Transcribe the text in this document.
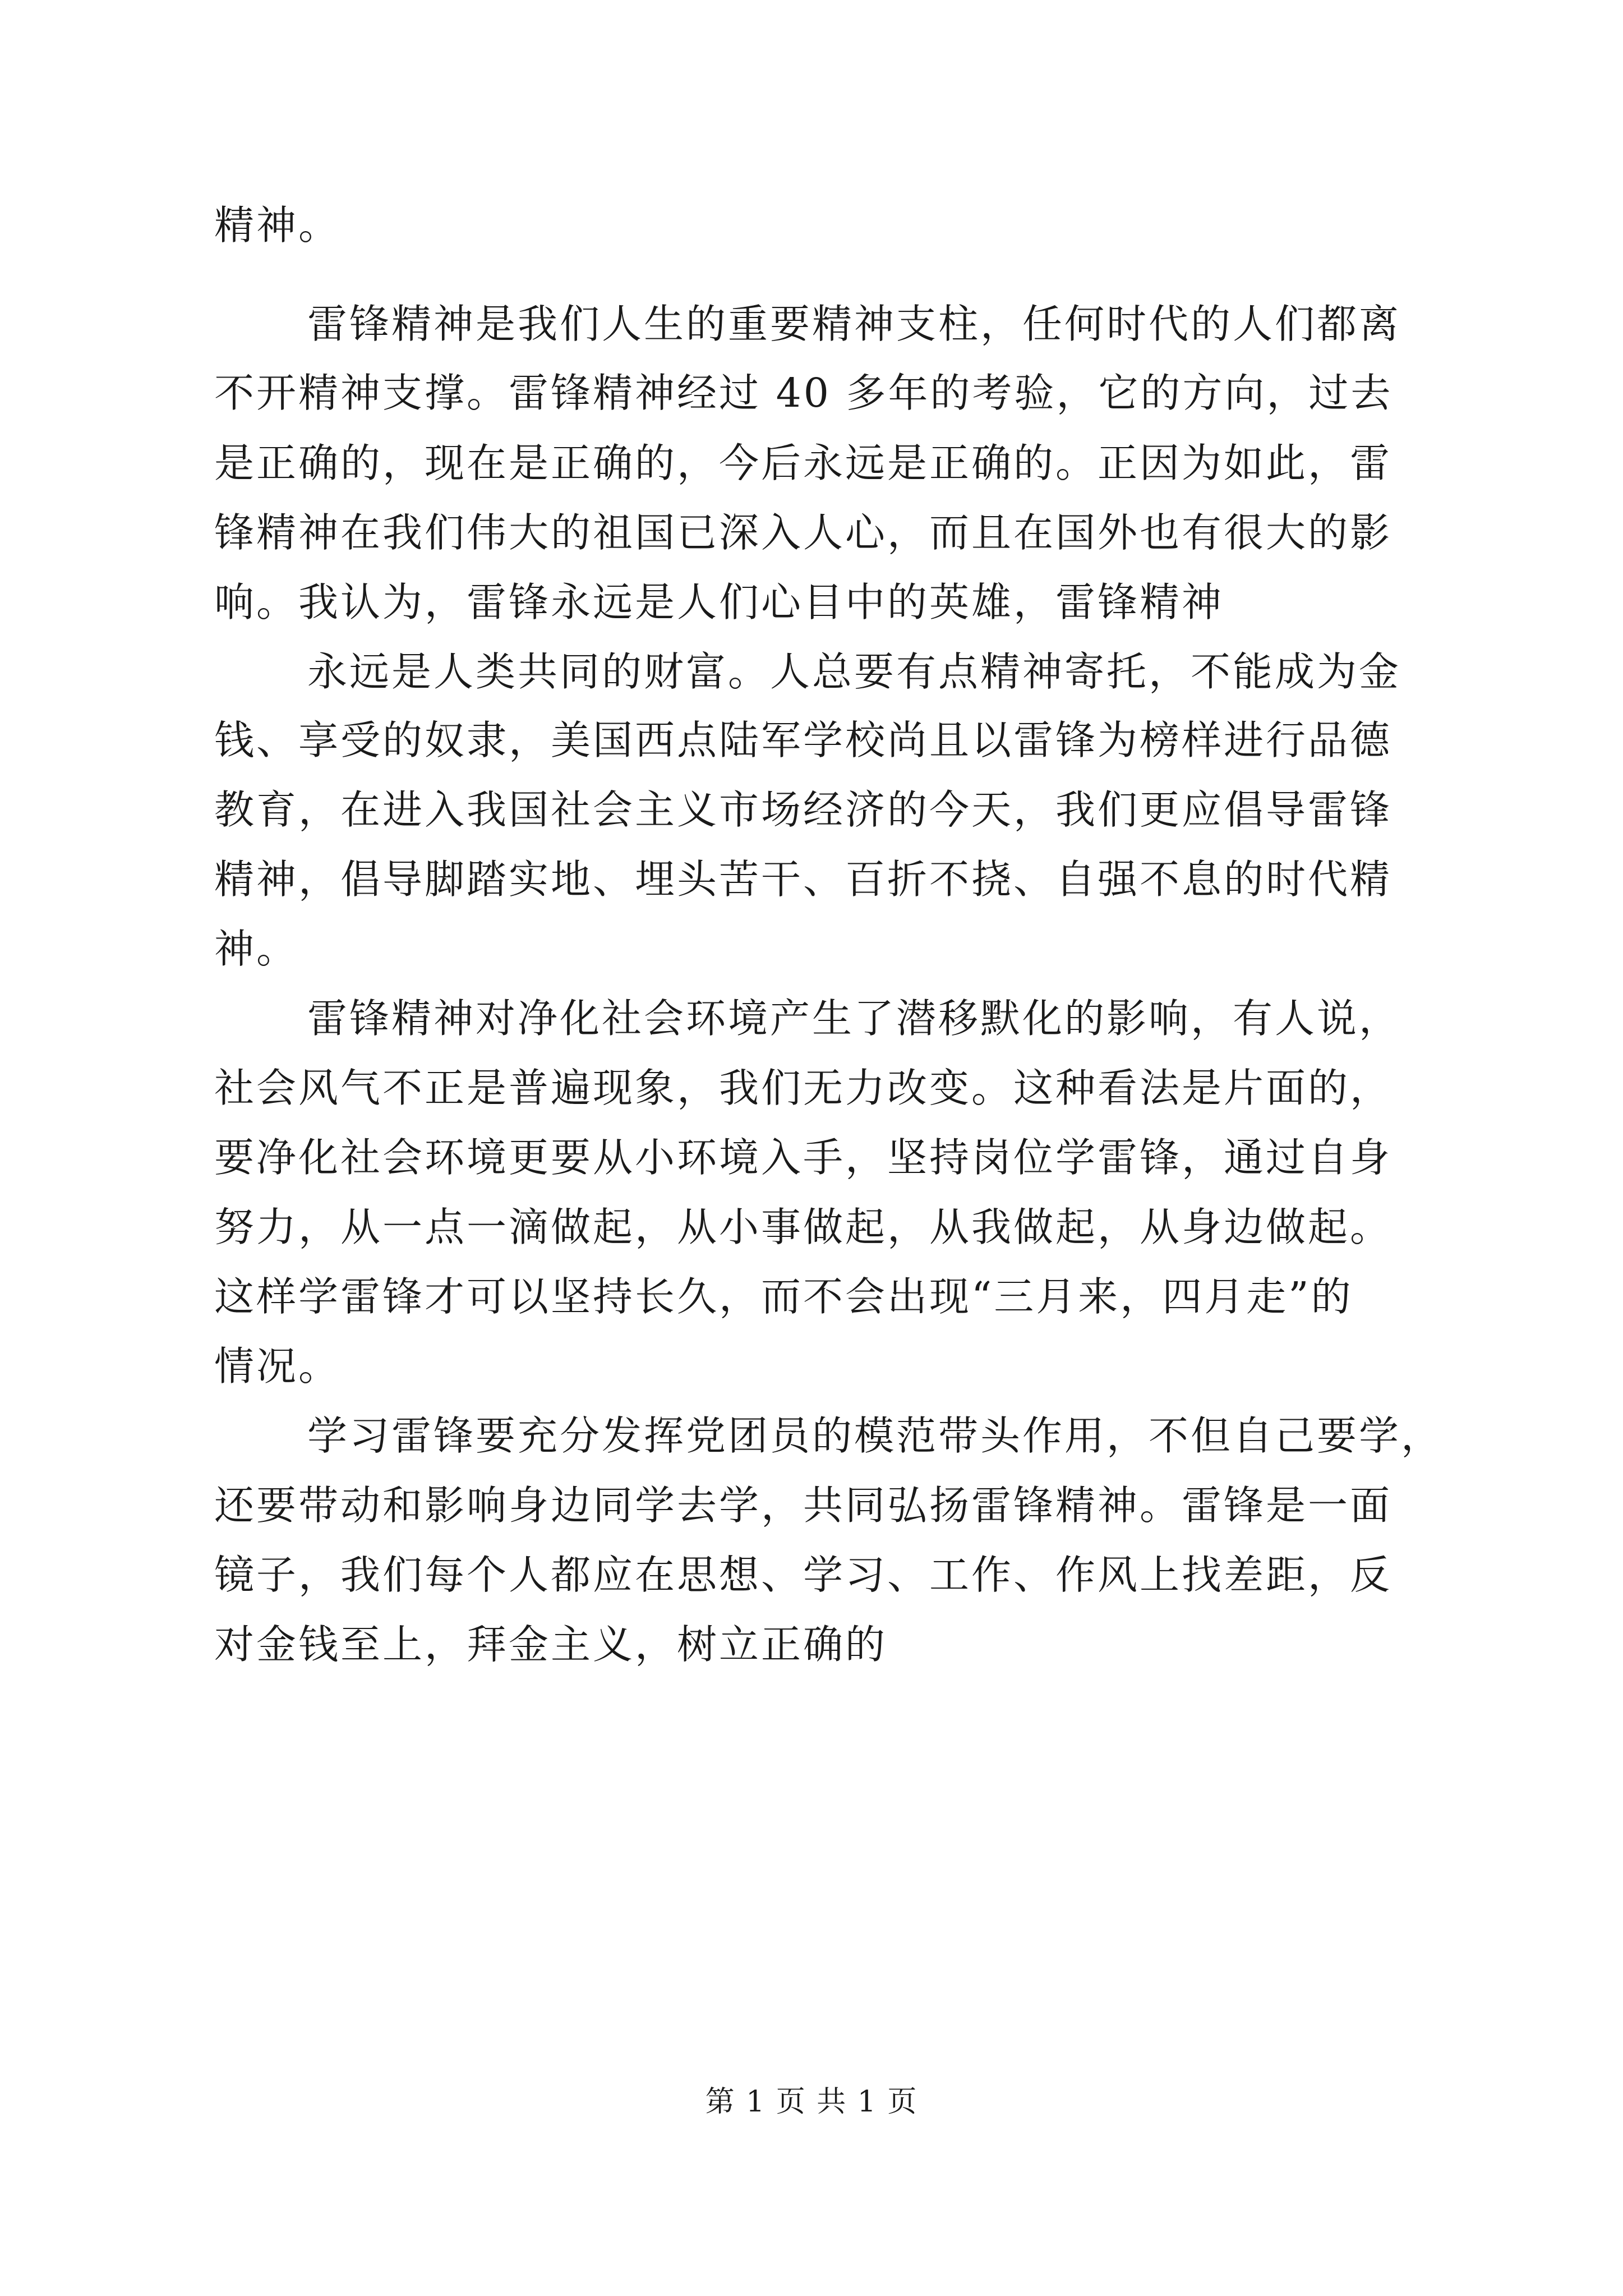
精神。
雷锋精神是我们人生的重要精神支柱，任何时代的人们都离
不开精神支撑。雷锋精神经过 40 多年的考验，它的方向，过去
是正确的，现在是正确的，今后永远是正确的。正因为如此，雷
锋精神在我们伟大的祖国已深入人心，而且在国外也有很大的影
响。我认为，雷锋永远是人们心目中的英雄，雷锋精神
永远是人类共同的财富。人总要有点精神寄托，不能成为金
钱、享受的奴隶，美国西点陆军学校尚且以雷锋为榜样进行品德
教育，在进入我国社会主义市场经济的今天，我们更应倡导雷锋
精神，倡导脚踏实地、埋头苦干、百折不挠、自强不息的时代精
神。
雷锋精神对净化社会环境产生了潜移默化的影响，有人说，
社会风气不正是普遍现象，我们无力改变。这种看法是片面的，
要净化社会环境更要从小环境入手，坚持岗位学雷锋，通过自身
努力，从一点一滴做起，从小事做起，从我做起，从身边做起。
这样学雷锋才可以坚持长久，而不会出现“三月来，四月走”的
情况。
学习雷锋要充分发挥党团员的模范带头作用，不但自己要学，
还要带动和影响身边同学去学，共同弘扬雷锋精神。雷锋是一面
镜子，我们每个人都应在思想、学习、工作、作风上找差距，反
对金钱至上，拜金主义，树立正确的
第 1 页 共 1 页
